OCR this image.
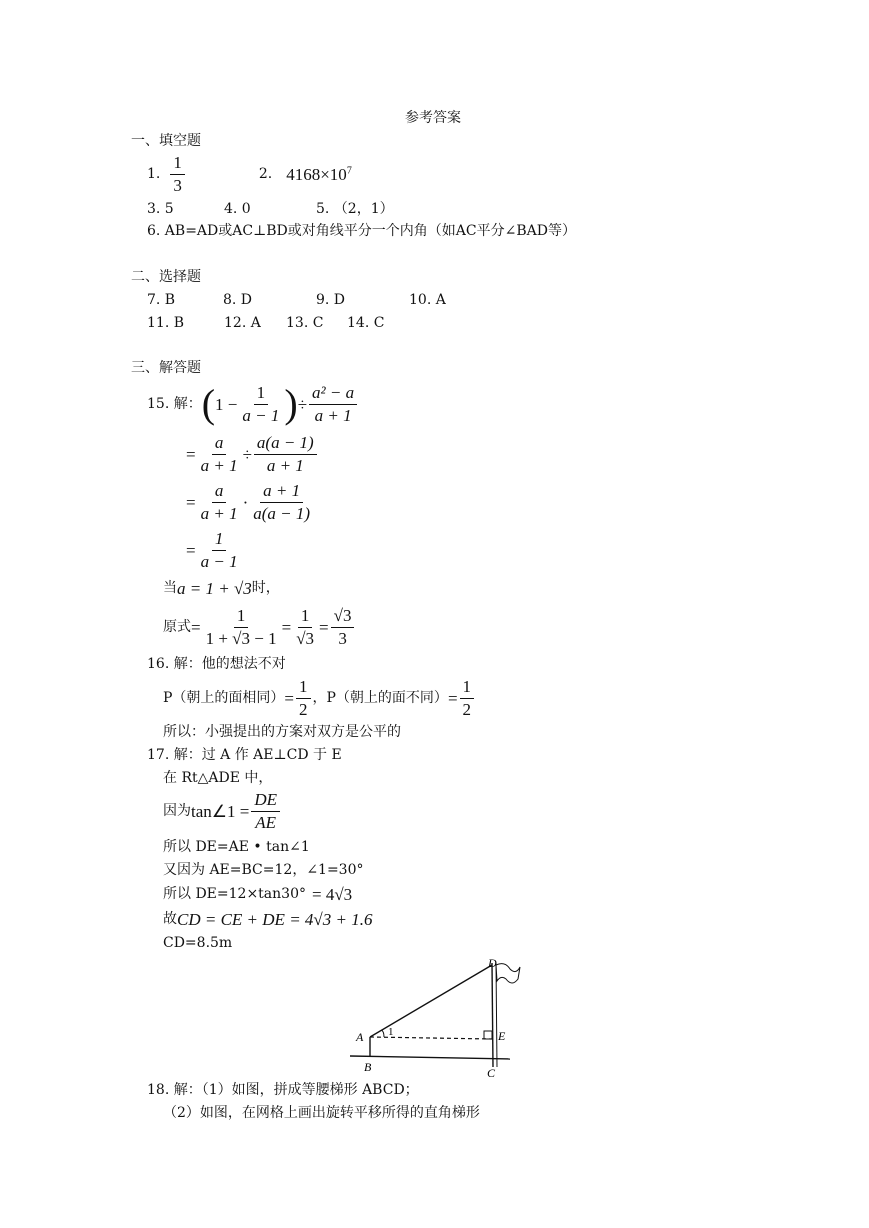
参考答案
一、填空题
1. $\frac{1}{3}$	2. $4168\times 10^7$
3. 5	4. 0	5. （2，1）
6. AB=AD或AC⊥BD或对角线平分一个内角（如AC平分∠BAD等）
二、选择题
7. B	8. D	9. D	10. A
11. B	12. A 13. C 14. C
三、解答题
15. 解： ( $1 - \frac{1}{a - 1}$ ) ÷ $\frac{\text{a² − a}}{a + 1}$
= $\frac{a}{a + 1} \div \frac{a(a - 1)}{a + 1}$
= $\frac{a}{a + 1} \cdot \frac{a + 1}{a(a - 1)}$
= $\frac{1}{a - 1}$
当 a = 1 + √3 时，
原式 = $\frac{1}{1 + √3 - 1} = \frac{1}{√3} = \frac{√3}{3}$
16. 解：他的想法不对
P（朝上的面相同） = $\frac{1}{2}$ ，P（朝上的面不同） = $\frac{1}{2}$
所以：小强提出的方案对双方是公平的
17. 解：过 A 作 AE⊥CD 于 E
在 Rt△ADE 中，
因为 tan∠1 = $\frac{DE}{AE}$
所以 DE=AE • tan∠1
又因为 AE=BC=12，∠1=30°
所以 DE=12×tan30° = 4√3
故 CD = CE + DE = 4√3 + 1.6
CD=8.5m
A
B	C
D
E
1
18. 解：（1）如图，拼成等腰梯形 ABCD；
（2）如图，在网格上画出旋转平移所得的直角梯形
